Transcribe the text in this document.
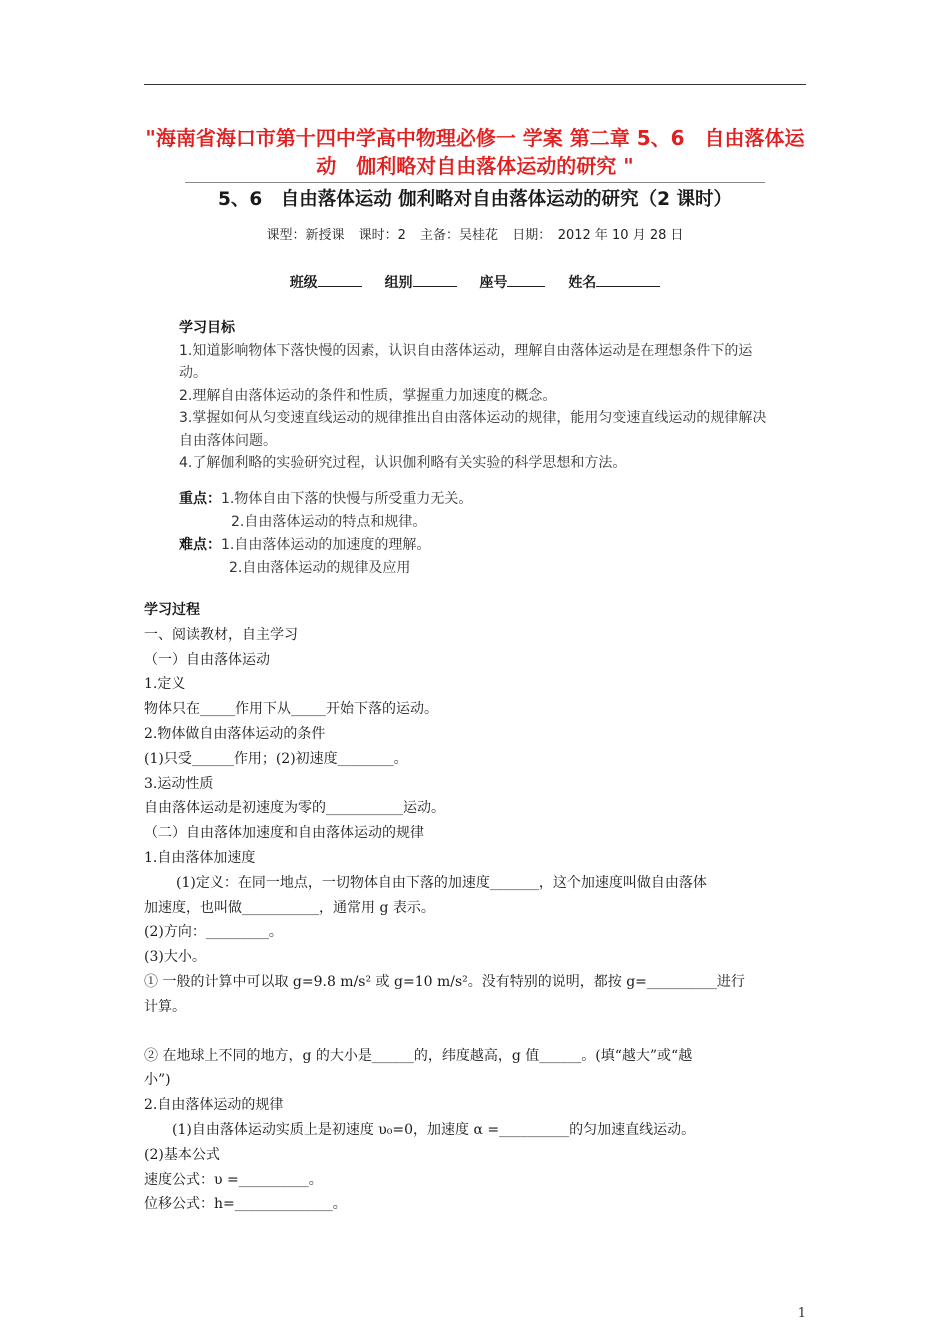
"海南省海口市第十四中学高中物理必修一 学案 第二章 5、6　自由落体运动　伽利略对自由落体运动的研究 "
5、6　自由落体运动 伽利略对自由落体运动的研究（2 课时）
课型：新授课 课时：2 主备：吴桂花 日期：　2012 年 10 月 28 日
班级	组别	座号	姓名
学习目标
1.知道影响物体下落快慢的因素，认识自由落体运动，理解自由落体运动是在理想条件下的运动。
2.理解自由落体运动的条件和性质，掌握重力加速度的概念。
3.掌握如何从匀变速直线运动的规律推出自由落体运动的规律，能用匀变速直线运动的规律解决自由落体问题。
4.了解伽利略的实验研究过程，认识伽利略有关实验的科学思想和方法。
重点：1.物体自由下落的快慢与所受重力无关。
2.自由落体运动的特点和规律。
难点：1.自由落体运动的加速度的理解。
2.自由落体运动的规律及应用
学习过程
一、阅读教材，自主学习
（一）自由落体运动
1.定义
物体只在_____作用下从_____开始下落的运动。
2.物体做自由落体运动的条件
(1)只受______作用；(2)初速度________。
3.运动性质
自由落体运动是初速度为零的___________运动。
（二）自由落体加速度和自由落体运动的规律
1.自由落体加速度
(1)定义：在同一地点，一切物体自由下落的加速度_______，这个加速度叫做自由落体
加速度，也叫做___________，通常用 g 表示。
(2)方向：_________。
(3)大小。
① 一般的计算中可以取 g=9.8 m/s² 或 g=10 m/s²。没有特别的说明，都按 g=__________进行
计算。
② 在地球上不同的地方，g 的大小是______的，纬度越高，g 值______。(填“越大”或“越
小”)
2.自由落体运动的规律
(1)自由落体运动实质上是初速度 υ₀=0，加速度 α =__________的匀加速直线运动。
(2)基本公式
速度公式：υ =__________。
位移公式：h=______________。
1
